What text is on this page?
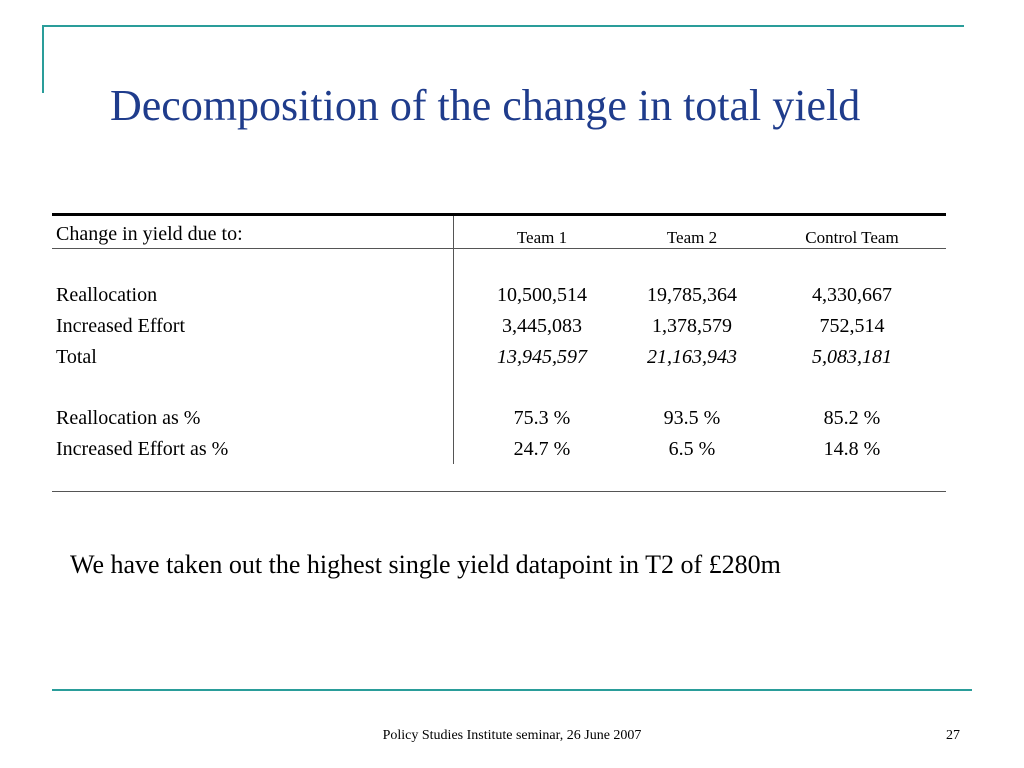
Decomposition of the change in total yield
Change in yield due to:	Team 1	Team 2	Control Team
Reallocation	10,500,514	19,785,364	4,330,667
Increased Effort	3,445,083	1,378,579	752,514
Total	13,945,597	21,163,943	5,083,181
Reallocation as %	75.3 %	93.5 %	85.2 %
Increased Effort as %	24.7 %	6.5 %	14.8 %
We have taken out the highest single yield datapoint in T2 of £280m
Policy Studies Institute seminar, 26 June 2007	27
